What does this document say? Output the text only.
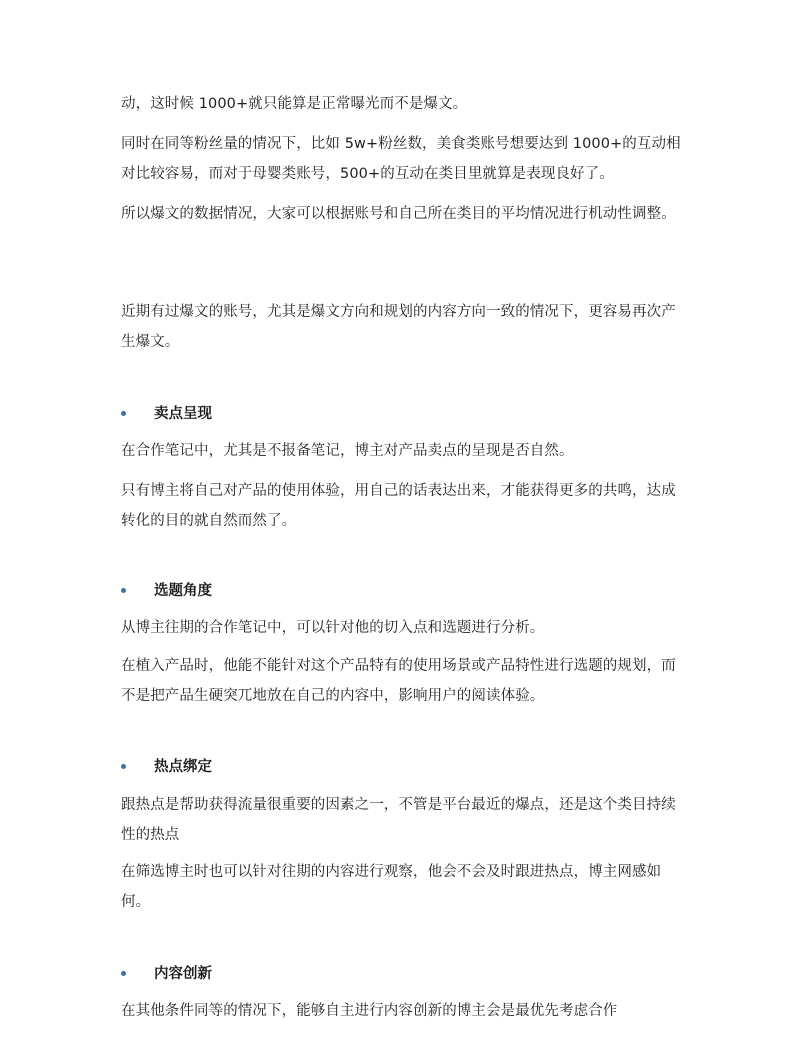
动，这时候 1000+就只能算是正常曝光而不是爆文。

同时在同等粉丝量的情况下，比如 5w+粉丝数，美食类账号想要达到 1000+的互动相对比较容易，而对于母婴类账号，500+的互动在类目里就算是表现良好了。

所以爆文的数据情况，大家可以根据账号和自己所在类目的平均情况进行机动性调整。

近期有过爆文的账号，尤其是爆文方向和规划的内容方向一致的情况下，更容易再次产生爆文。

卖点呈现

在合作笔记中，尤其是不报备笔记，博主对产品卖点的呈现是否自然。

只有博主将自己对产品的使用体验，用自己的话表达出来，才能获得更多的共鸣，达成转化的目的就自然而然了。

选题角度

从博主往期的合作笔记中，可以针对他的切入点和选题进行分析。

在植入产品时，他能不能针对这个产品特有的使用场景或产品特性进行选题的规划，而不是把产品生硬突兀地放在自己的内容中，影响用户的阅读体验。

热点绑定

跟热点是帮助获得流量很重要的因素之一，不管是平台最近的爆点，还是这个类目持续性的热点

在筛选博主时也可以针对往期的内容进行观察，他会不会及时跟进热点，博主网感如何。

内容创新

在其他条件同等的情况下，能够自主进行内容创新的博主会是最优先考虑合作
